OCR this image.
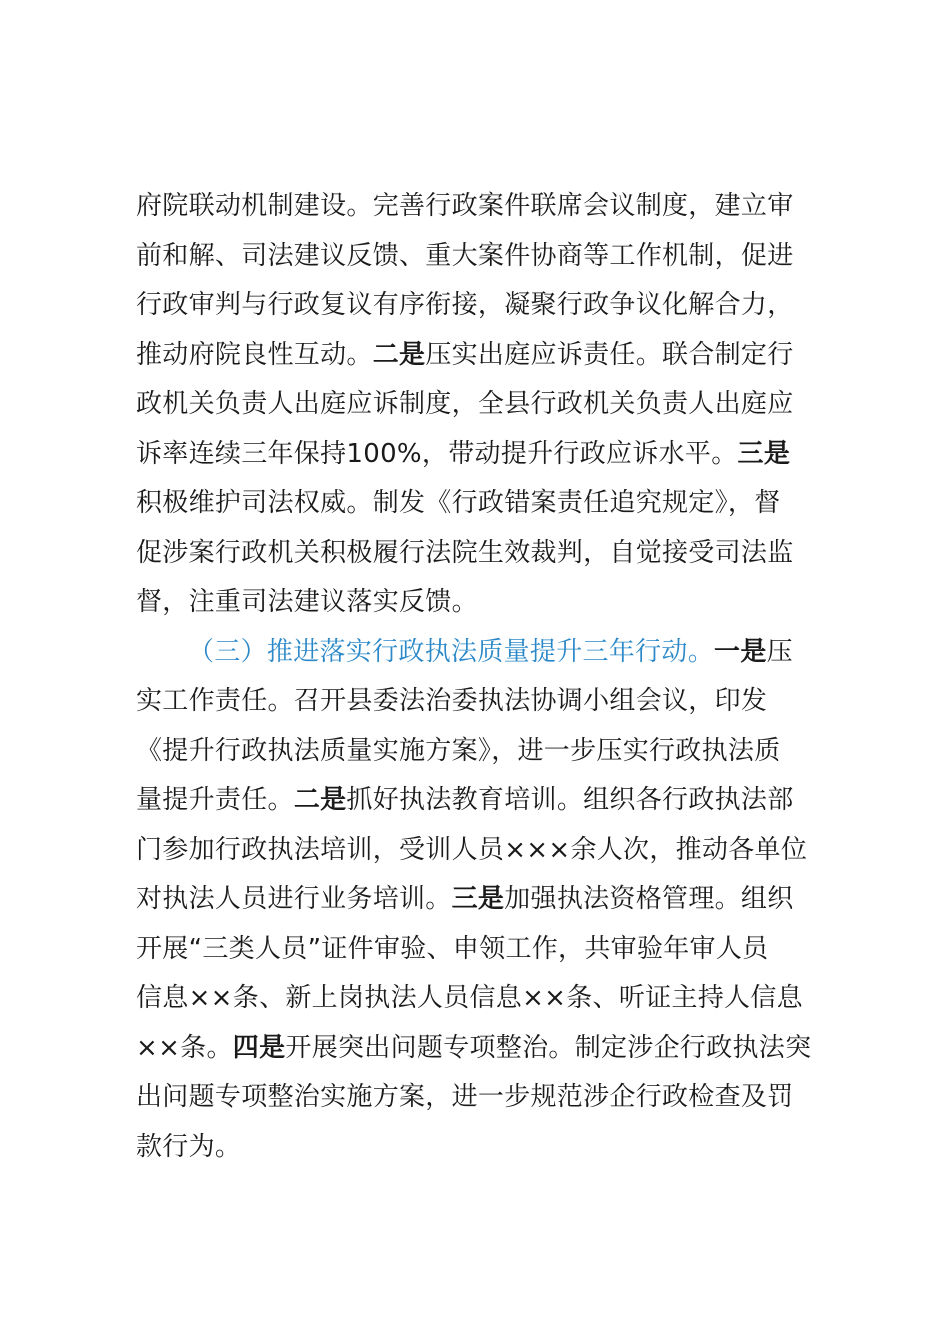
府院联动机制建设。完善行政案件联席会议制度，建立审
前和解、司法建议反馈、重大案件协商等工作机制，促进
行政审判与行政复议有序衔接，凝聚行政争议化解合力，
推动府院良性互动。二是压实出庭应诉责任。联合制定行
政机关负责人出庭应诉制度，全县行政机关负责人出庭应
诉率连续三年保持100%，带动提升行政应诉水平。三是
积极维护司法权威。制发《行政错案责任追究规定》，督
促涉案行政机关积极履行法院生效裁判，自觉接受司法监
督，注重司法建议落实反馈。
（三）推进落实行政执法质量提升三年行动。一是压
实工作责任。召开县委法治委执法协调小组会议，印发
《提升行政执法质量实施方案》，进一步压实行政执法质
量提升责任。二是抓好执法教育培训。组织各行政执法部
门参加行政执法培训，受训人员×××余人次，推动各单位
对执法人员进行业务培训。三是加强执法资格管理。组织
开展“三类人员”证件审验、申领工作，共审验年审人员
信息××条、新上岗执法人员信息××条、听证主持人信息
××条。四是开展突出问题专项整治。制定涉企行政执法突
出问题专项整治实施方案，进一步规范涉企行政检查及罚
款行为。
